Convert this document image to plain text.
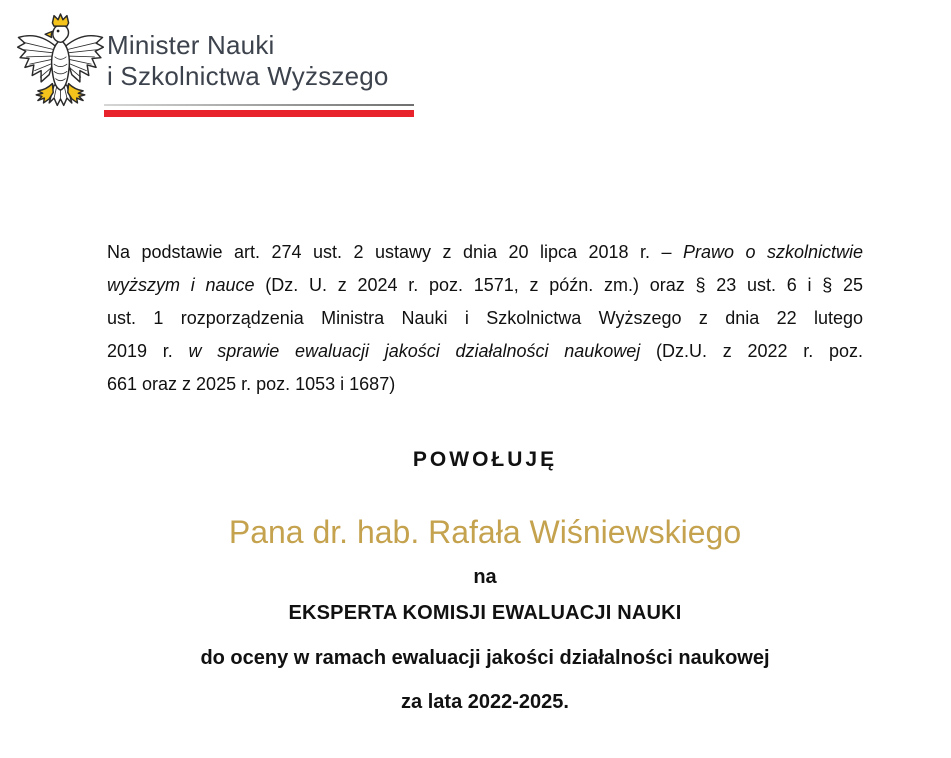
Minister Nauki
i Szkolnictwa Wyższego
Na podstawie art. 274 ust. 2 ustawy z dnia 20 lipca 2018 r. – Prawo o szkolnictwie
wyższym i nauce (Dz. U. z 2024 r. poz. 1571, z późn. zm.) oraz § 23 ust. 6 i § 25
ust. 1 rozporządzenia Ministra Nauki i Szkolnictwa Wyższego z dnia 22 lutego
2019 r. w sprawie ewaluacji jakości działalności naukowej (Dz.U. z 2022 r. poz.
661 oraz z 2025 r. poz. 1053 i 1687)
POWOŁUJĘ
Pana dr. hab. Rafała Wiśniewskiego
na
EKSPERTA KOMISJI EWALUACJI NAUKI
do oceny w ramach ewaluacji jakości działalności naukowej
za lata 2022-2025.
